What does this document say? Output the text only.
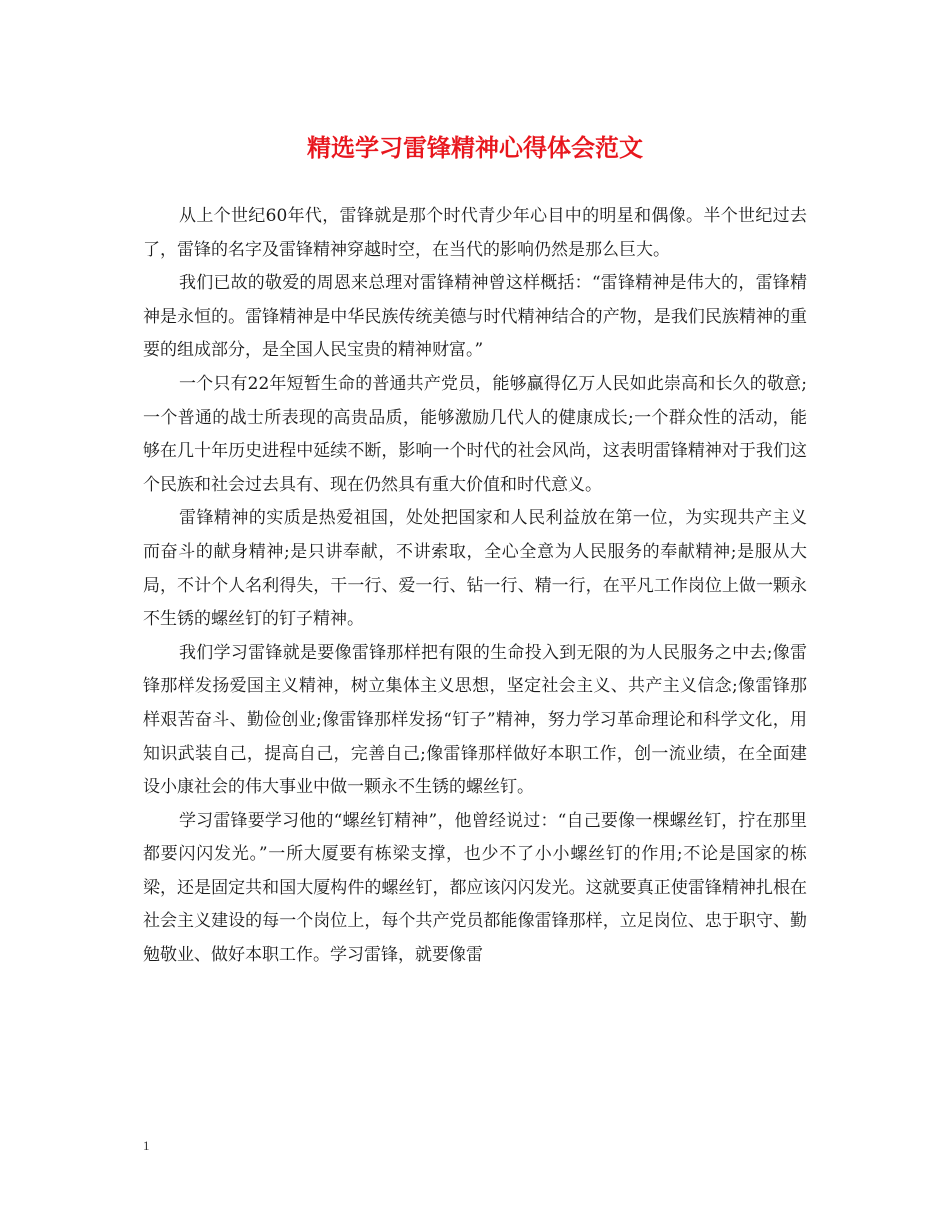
精选学习雷锋精神心得体会范文

从上个世纪60年代，雷锋就是那个时代青少年心目中的明星和偶像。半个世纪过去了，雷锋的名字及雷锋精神穿越时空，在当代的影响仍然是那么巨大。

我们已故的敬爱的周恩来总理对雷锋精神曾这样概括：“雷锋精神是伟大的，雷锋精神是永恒的。雷锋精神是中华民族传统美德与时代精神结合的产物，是我们民族精神的重要的组成部分，是全国人民宝贵的精神财富。”

一个只有22年短暂生命的普通共产党员，能够赢得亿万人民如此崇高和长久的敬意;一个普通的战士所表现的高贵品质，能够激励几代人的健康成长;一个群众性的活动，能够在几十年历史进程中延续不断，影响一个时代的社会风尚，这表明雷锋精神对于我们这个民族和社会过去具有、现在仍然具有重大价值和时代意义。

雷锋精神的实质是热爱祖国，处处把国家和人民利益放在第一位，为实现共产主义而奋斗的献身精神;是只讲奉献，不讲索取，全心全意为人民服务的奉献精神;是服从大局，不计个人名利得失，干一行、爱一行、钻一行、精一行，在平凡工作岗位上做一颗永不生锈的螺丝钉的钉子精神。

我们学习雷锋就是要像雷锋那样把有限的生命投入到无限的为人民服务之中去;像雷锋那样发扬爱国主义精神，树立集体主义思想，坚定社会主义、共产主义信念;像雷锋那样艰苦奋斗、勤俭创业;像雷锋那样发扬“钉子”精神，努力学习革命理论和科学文化，用知识武装自己，提高自己，完善自己;像雷锋那样做好本职工作，创一流业绩，在全面建设小康社会的伟大事业中做一颗永不生锈的螺丝钉。

学习雷锋要学习他的“螺丝钉精神”，他曾经说过：“自己要像一棵螺丝钉，拧在那里都要闪闪发光。”一所大厦要有栋梁支撑，也少不了小小螺丝钉的作用;不论是国家的栋梁，还是固定共和国大厦构件的螺丝钉，都应该闪闪发光。这就要真正使雷锋精神扎根在社会主义建设的每一个岗位上，每个共产党员都能像雷锋那样，立足岗位、忠于职守、勤勉敬业、做好本职工作。学习雷锋，就要像雷

1
